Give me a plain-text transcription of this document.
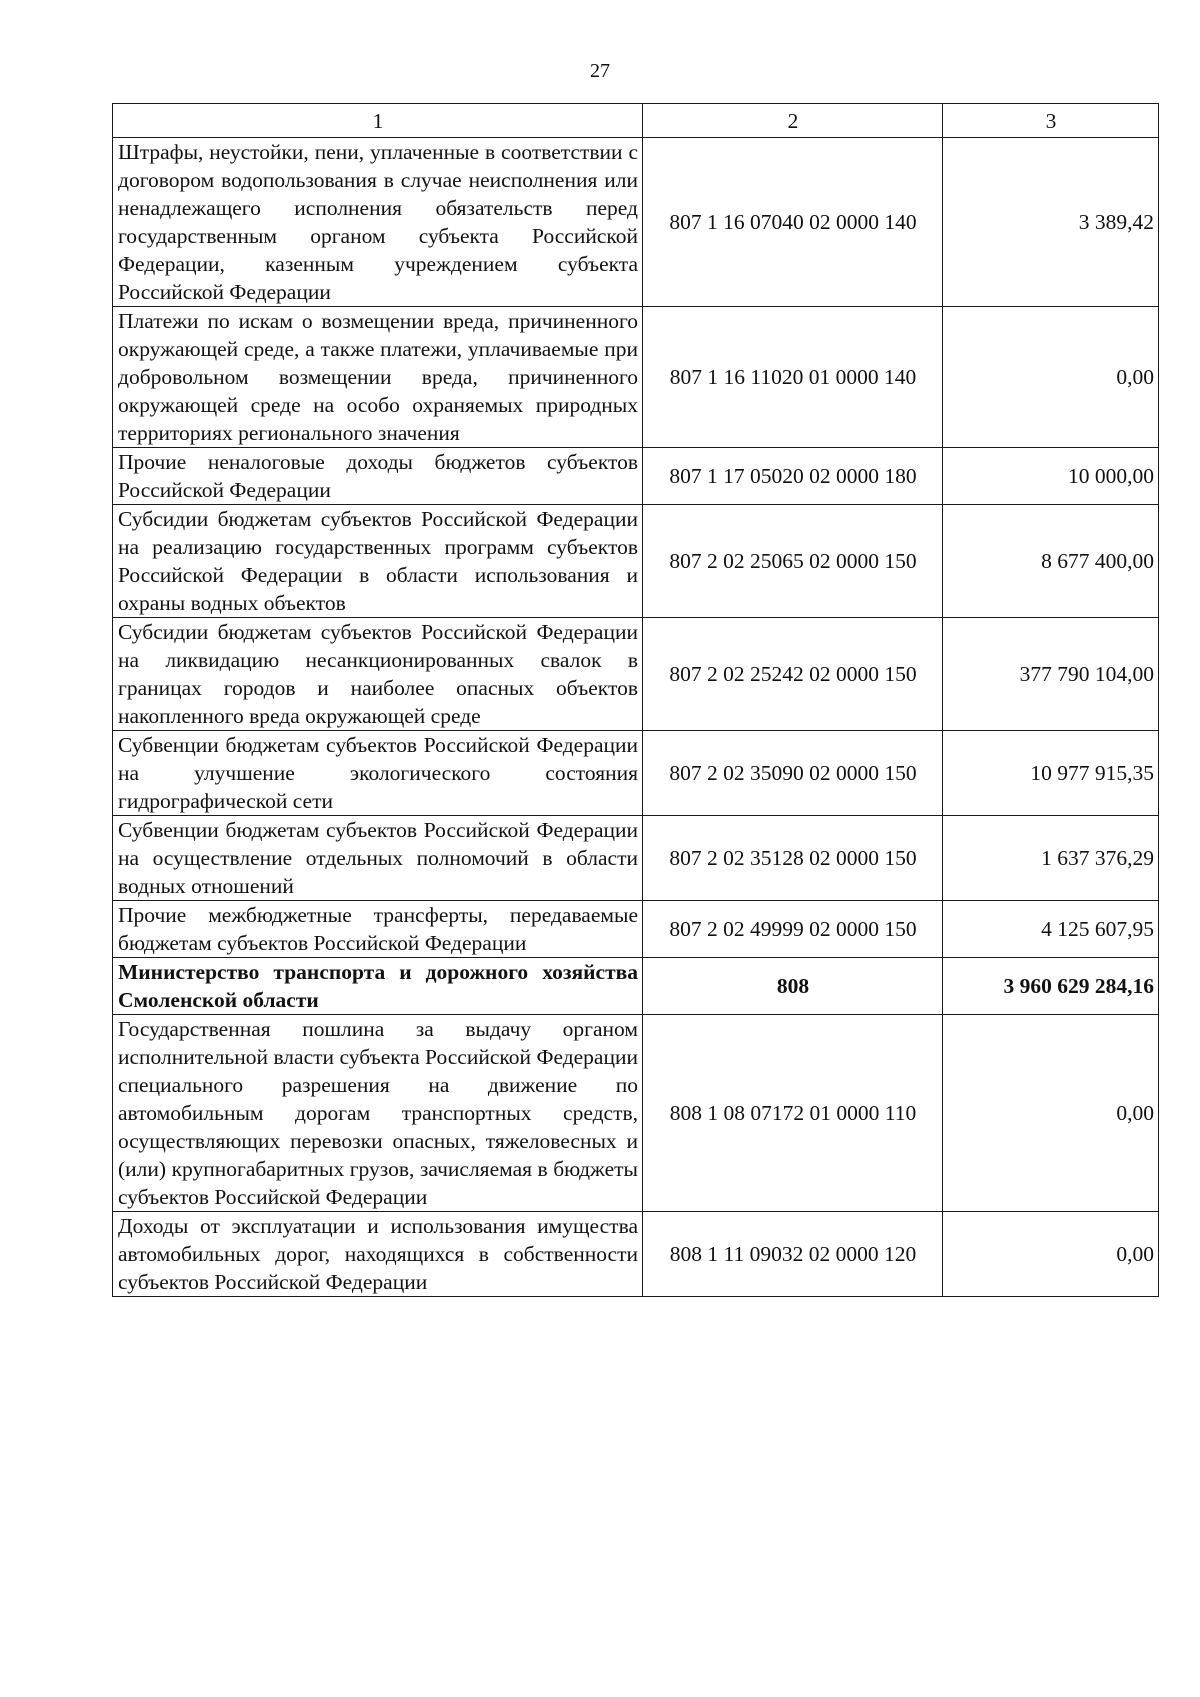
27
1	2	3
Штрафы, неустойки, пени, уплаченные в соответствии с договором водопользования в случае неисполнения или ненадлежащего исполнения обязательств перед государственным органом субъекта Российской Федерации, казенным учреждением субъекта Российской Федерации	807 1 16 07040 02 0000 140	3 389,42
Платежи по искам о возмещении вреда, причиненного окружающей среде, а также платежи, уплачиваемые при добровольном возмещении вреда, причиненного окружающей среде на особо охраняемых природных территориях регионального значения	807 1 16 11020 01 0000 140	0,00
Прочие неналоговые доходы бюджетов субъектов Российской Федерации	807 1 17 05020 02 0000 180	10 000,00
Субсидии бюджетам субъектов Российской Федерации на реализацию государственных программ субъектов Российской Федерации в области использования и охраны водных объектов	807 2 02 25065 02 0000 150	8 677 400,00
Субсидии бюджетам субъектов Российской Федерации на ликвидацию несанкционированных свалок в границах городов и наиболее опасных объектов накопленного вреда окружающей среде	807 2 02 25242 02 0000 150	377 790 104,00
Субвенции бюджетам субъектов Российской Федерации на улучшение экологического состояния гидрографической сети	807 2 02 35090 02 0000 150	10 977 915,35
Субвенции бюджетам субъектов Российской Федерации на осуществление отдельных полномочий в области водных отношений	807 2 02 35128 02 0000 150	1 637 376,29
Прочие межбюджетные трансферты, передаваемые бюджетам субъектов Российской Федерации	807 2 02 49999 02 0000 150	4 125 607,95
Министерство транспорта и дорожного хозяйства Смоленской области	808	3 960 629 284,16
Государственная пошлина за выдачу органом исполнительной власти субъекта Российской Федерации специального разрешения на движение по автомобильным дорогам транспортных средств, осуществляющих перевозки опасных, тяжеловесных и (или) крупногабаритных грузов, зачисляемая в бюджеты субъектов Российской Федерации	808 1 08 07172 01 0000 110	0,00
Доходы от эксплуатации и использования имущества автомобильных дорог, находящихся в собственности субъектов Российской Федерации	808 1 11 09032 02 0000 120	0,00
